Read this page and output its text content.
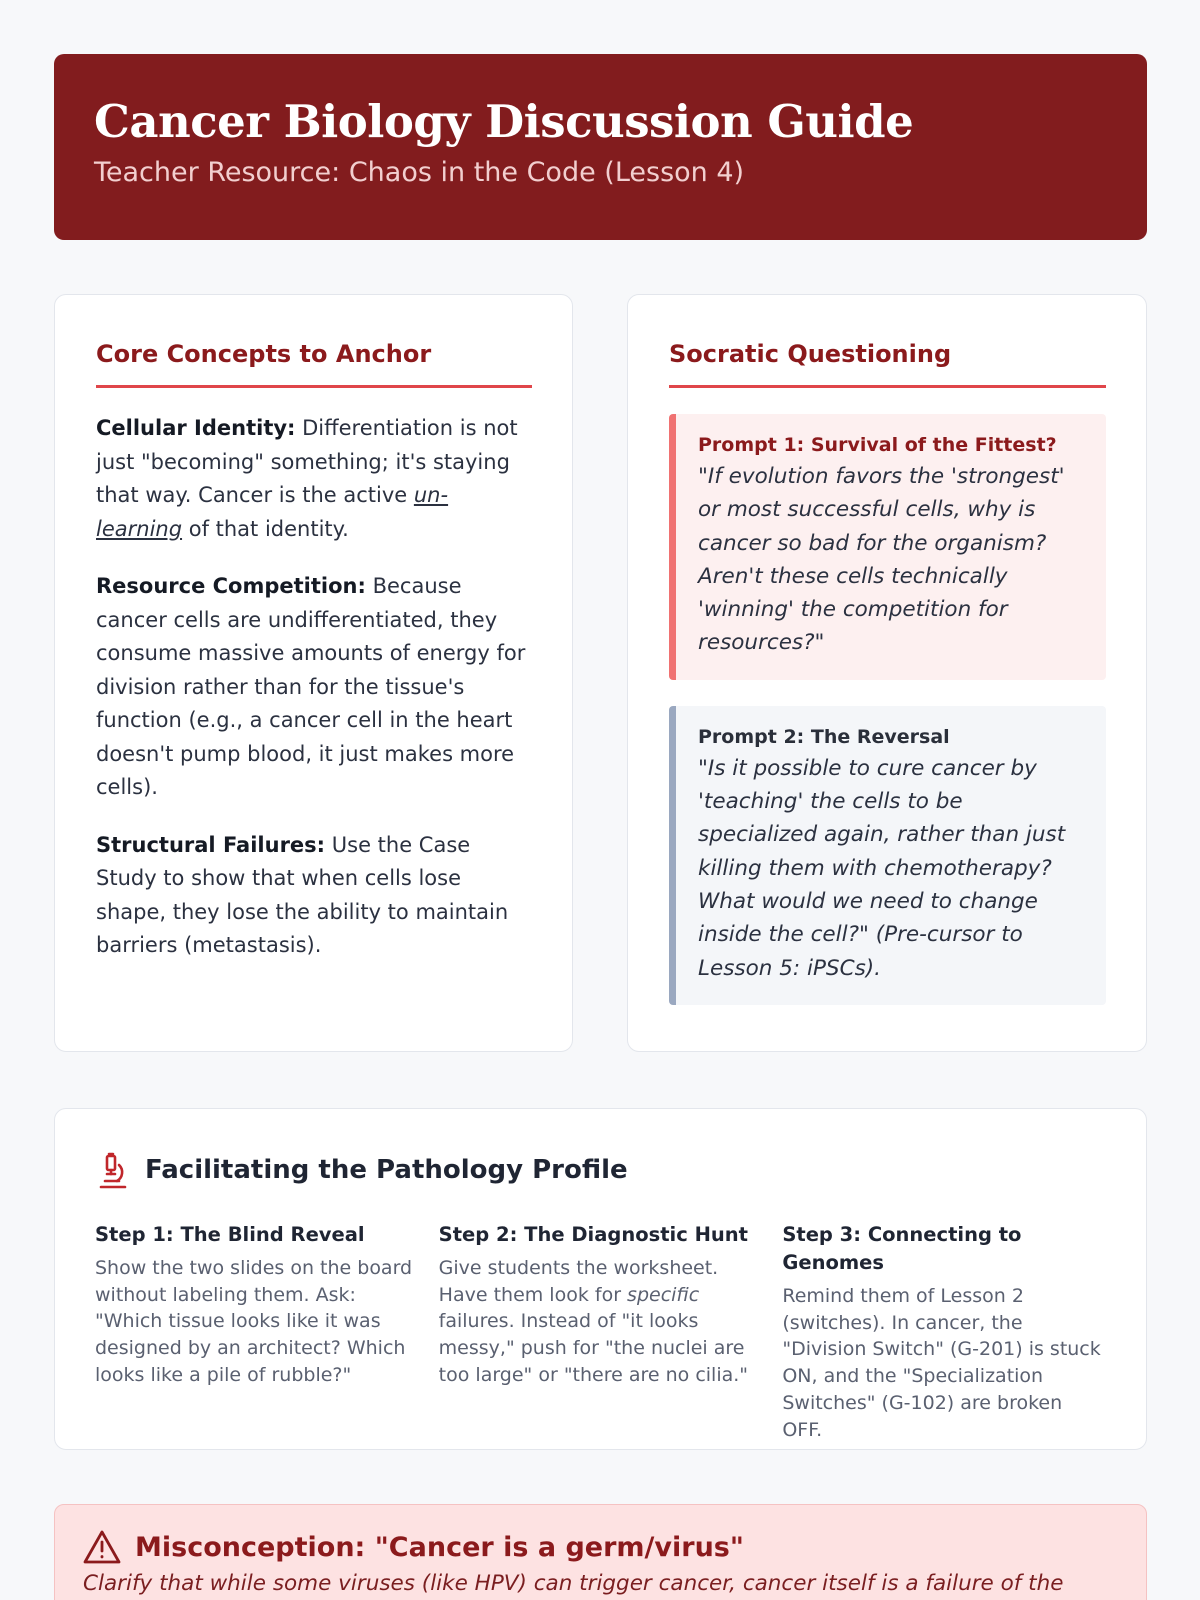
Cancer Biology Discussion Guide
Teacher Resource: Chaos in the Code (Lesson 4)
Core Concepts to Anchor

Cellular Identity: Differentiation is not just "becoming" something; it's staying that way. Cancer is the active un-learning of that identity.

Resource Competition: Because cancer cells are undifferentiated, they consume massive amounts of energy for division rather than for the tissue's function (e.g., a cancer cell in the heart doesn't pump blood, it just makes more cells).

Structural Failures: Use the Case Study to show that when cells lose shape, they lose the ability to maintain barriers (metastasis).

Socratic Questioning
Prompt 1: Survival of the Fittest?
"If evolution favors the 'strongest' or most successful cells, why is cancer so bad for the organism? Aren't these cells technically 'winning' the competition for resources?"
Prompt 2: The Reversal
"Is it possible to cure cancer by 'teaching' the cells to be specialized again, rather than just killing them with chemotherapy? What would we need to change inside the cell?" (Pre-cursor to Lesson 5: iPSCs).
Facilitating the Pathology Profile
Step 1: The Blind Reveal
Show the two slides on the board without labeling them. Ask: "Which tissue looks like it was designed by an architect? Which looks like a pile of rubble?"
Step 2: The Diagnostic Hunt
Give students the worksheet. Have them look for specific failures. Instead of "it looks messy," push for "the nuclei are too large" or "there are no cilia."
Step 3: Connecting to Genomes
Remind them of Lesson 2 (switches). In cancer, the "Division Switch" (G-201) is stuck ON, and the "Specialization Switches" (G-102) are broken OFF.
Misconception: "Cancer is a germ/virus"
Clarify that while some viruses (like HPV) can trigger cancer, cancer itself is a failure of the
